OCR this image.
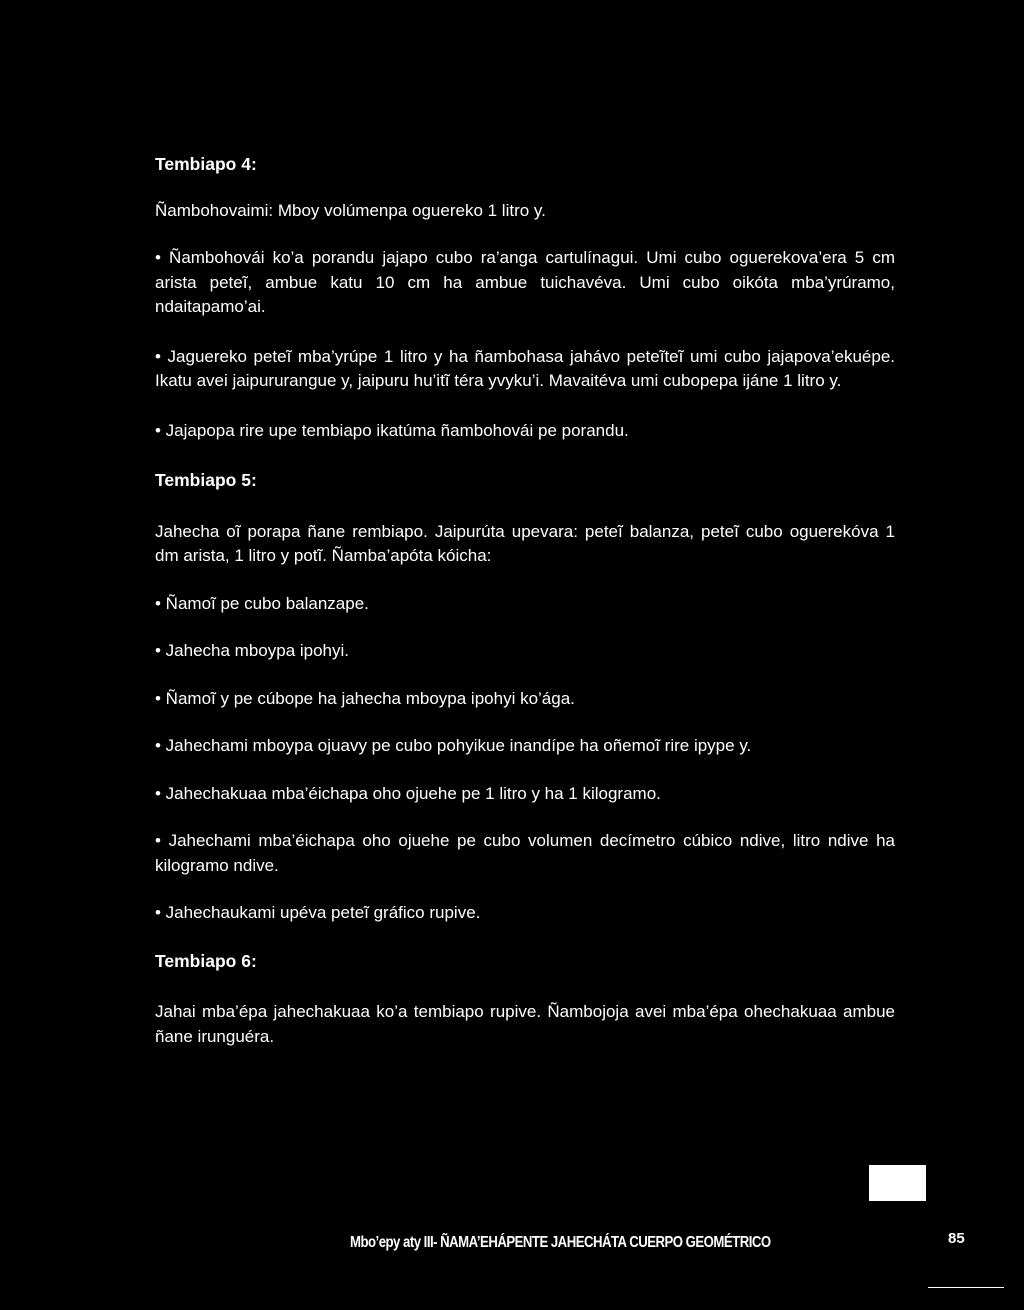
Tembiapo 4:

Ñambohovaimi: Mboy volúmenpa oguereko 1 litro y.

• Ñambohovái ko’a porandu jajapo cubo ra’anga cartulínagui. Umi cubo oguerekova’era 5 cm arista peteĩ, ambue katu 10 cm ha ambue tuichavéva. Umi cubo oikóta mba’yrúramo, ndaitapamo’ai.

• Jaguereko peteĩ mba’yrúpe 1 litro y ha ñambohasa jahávo peteĩteĩ umi cubo jajapova’ekuépe. Ikatu avei jaipururangue y, jaipuru hu’itĩ téra yvyku’i. Mavaitéva umi cubopepa ijáne 1 litro y.

• Jajapopa rire upe tembiapo ikatúma ñambohovái pe porandu.

Tembiapo 5:

Jahecha oĩ porapa ñane rembiapo. Jaipurúta upevara: peteĩ balanza, peteĩ cubo oguerekóva 1 dm arista, 1 litro y potĩ. Ñamba’apóta kóicha:

• Ñamoĩ pe cubo balanzape.

• Jahecha mboypa ipohyi.

• Ñamoĩ y pe cúbope ha jahecha mboypa ipohyi ko’ága.

• Jahechami mboypa ojuavy pe cubo pohyikue inandípe ha oñemoĩ rire ipype y.

• Jahechakuaa mba’éichapa oho ojuehe pe 1 litro y ha 1 kilogramo.

• Jahechami mba’éichapa oho ojuehe pe cubo volumen decímetro cúbico ndive, litro ndive ha kilogramo ndive.

• Jahechaukami upéva peteĩ gráfico rupive.

Tembiapo 6:

Jahai mba’épa jahechakuaa ko’a tembiapo rupive. Ñambojoja avei mba’épa ohechakuaa ambue ñane irunguéra.

Mbo’epy aty III- ÑAMA’EHÁPENTE JAHECHÁTA CUERPO GEOMÉTRICO	85
